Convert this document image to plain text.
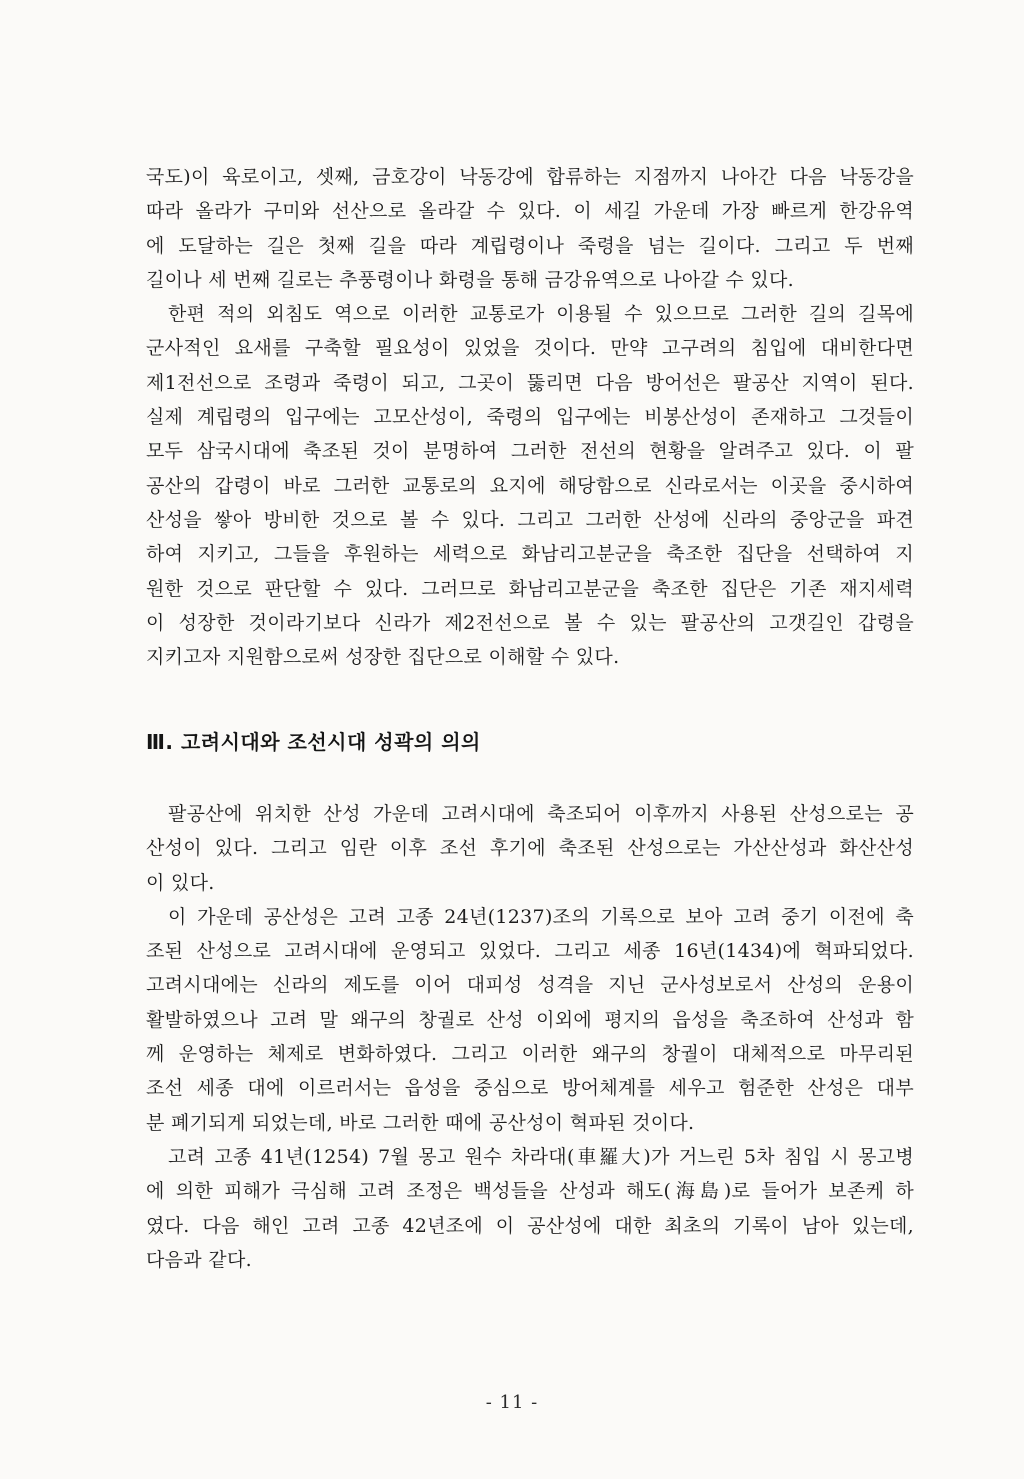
국도)이 육로이고, 셋째, 금호강이 낙동강에 합류하는 지점까지 나아간 다음 낙동강을
따라 올라가 구미와 선산으로 올라갈 수 있다. 이 세길 가운데 가장 빠르게 한강유역
에 도달하는 길은 첫째 길을 따라 계립령이나 죽령을 넘는 길이다. 그리고 두 번째
길이나 세 번째 길로는 추풍령이나 화령을 통해 금강유역으로 나아갈 수 있다.
한편 적의 외침도 역으로 이러한 교통로가 이용될 수 있으므로 그러한 길의 길목에
군사적인 요새를 구축할 필요성이 있었을 것이다. 만약 고구려의 침입에 대비한다면
제1전선으로 조령과 죽령이 되고, 그곳이 뚫리면 다음 방어선은 팔공산 지역이 된다.
실제 계립령의 입구에는 고모산성이, 죽령의 입구에는 비봉산성이 존재하고 그것들이
모두 삼국시대에 축조된 것이 분명하여 그러한 전선의 현황을 알려주고 있다. 이 팔
공산의 갑령이 바로 그러한 교통로의 요지에 해당함으로 신라로서는 이곳을 중시하여
산성을 쌓아 방비한 것으로 볼 수 있다. 그리고 그러한 산성에 신라의 중앙군을 파견
하여 지키고, 그들을 후원하는 세력으로 화남리고분군을 축조한 집단을 선택하여 지
원한 것으로 판단할 수 있다. 그러므로 화남리고분군을 축조한 집단은 기존 재지세력
이 성장한 것이라기보다 신라가 제2전선으로 볼 수 있는 팔공산의 고갯길인 갑령을
지키고자 지원함으로써 성장한 집단으로 이해할 수 있다.
Ⅲ. 고려시대와 조선시대 성곽의 의의
팔공산에 위치한 산성 가운데 고려시대에 축조되어 이후까지 사용된 산성으로는 공
산성이 있다. 그리고 임란 이후 조선 후기에 축조된 산성으로는 가산산성과 화산산성
이 있다.
이 가운데 공산성은 고려 고종 24년(1237)조의 기록으로 보아 고려 중기 이전에 축
조된 산성으로 고려시대에 운영되고 있었다. 그리고 세종 16년(1434)에 혁파되었다.
고려시대에는 신라의 제도를 이어 대피성 성격을 지닌 군사성보로서 산성의 운용이
활발하였으나 고려 말 왜구의 창궐로 산성 이외에 평지의 읍성을 축조하여 산성과 함
께 운영하는 체제로 변화하였다. 그리고 이러한 왜구의 창궐이 대체적으로 마무리된
조선 세종 대에 이르러서는 읍성을 중심으로 방어체계를 세우고 험준한 산성은 대부
분 폐기되게 되었는데, 바로 그러한 때에 공산성이 혁파된 것이다.
고려 고종 41년(1254) 7월 몽고 원수 차라대(車羅大)가 거느린 5차 침입 시 몽고병
에 의한 피해가 극심해 고려 조정은 백성들을 산성과 해도(海島)로 들어가 보존케 하
였다. 다음 해인 고려 고종 42년조에 이 공산성에 대한 최초의 기록이 남아 있는데,
다음과 같다.
- 11 -
